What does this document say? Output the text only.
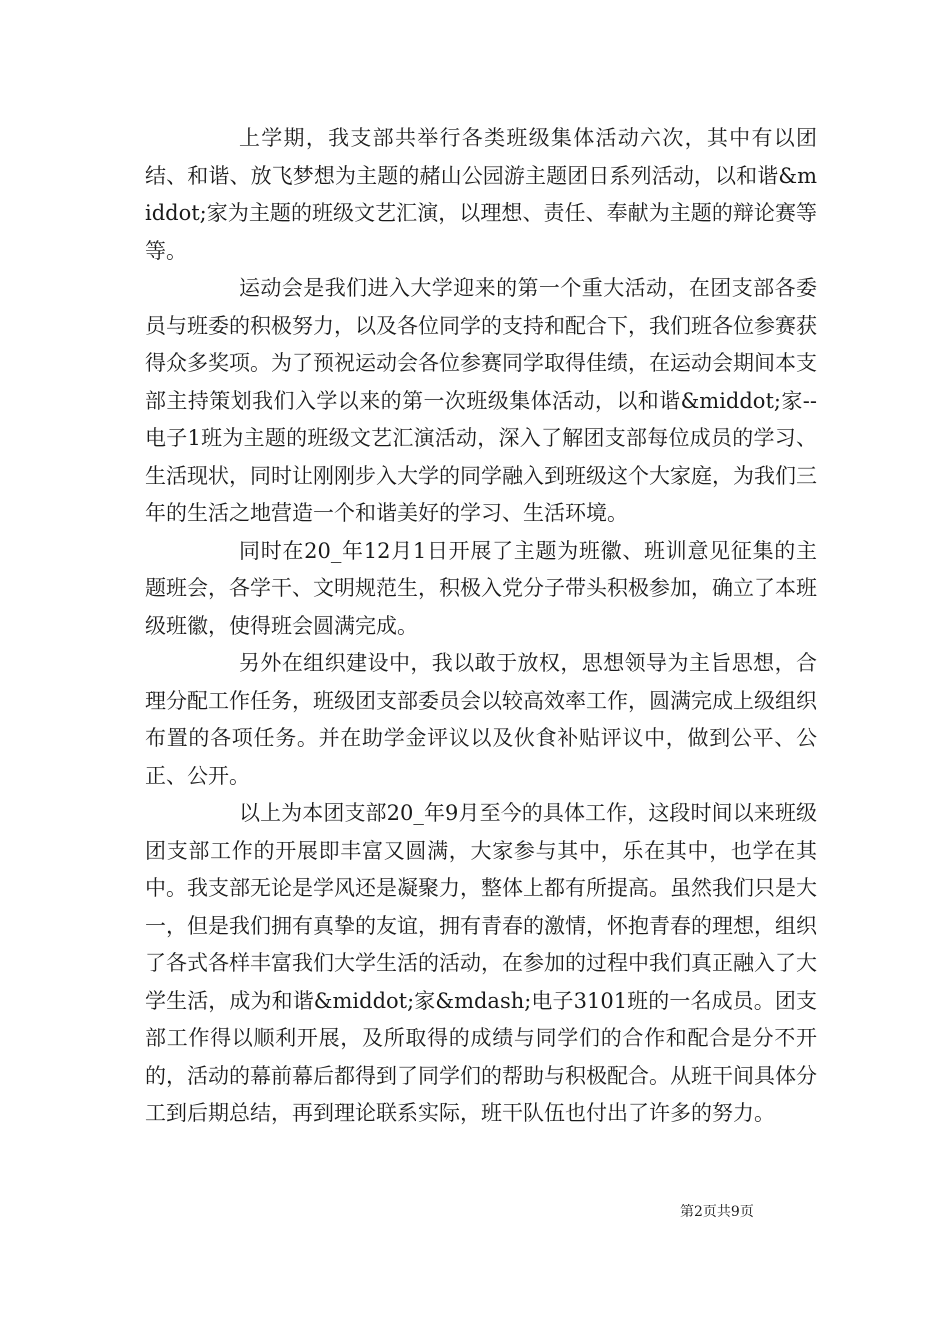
上学期，我支部共举行各类班级集体活动六次，其中有以团结、和谐、放飞梦想为主题的赭山公园游主题团日系列活动，以和谐&middot;家为主题的班级文艺汇演，以理想、责任、奉献为主题的辩论赛等等。

运动会是我们进入大学迎来的第一个重大活动，在团支部各委员与班委的积极努力，以及各位同学的支持和配合下，我们班各位参赛获得众多奖项。为了预祝运动会各位参赛同学取得佳绩，在运动会期间本支部主持策划我们入学以来的第一次班级集体活动，以和谐&middot;家--电子1班为主题的班级文艺汇演活动，深入了解团支部每位成员的学习、生活现状，同时让刚刚步入大学的同学融入到班级这个大家庭，为我们三年的生活之地营造一个和谐美好的学习、生活环境。

同时在20_年12月1日开展了主题为班徽、班训意见征集的主题班会，各学干、文明规范生，积极入党分子带头积极参加，确立了本班级班徽，使得班会圆满完成。

另外在组织建设中，我以敢于放权，思想领导为主旨思想，合理分配工作任务，班级团支部委员会以较高效率工作，圆满完成上级组织布置的各项任务。并在助学金评议以及伙食补贴评议中，做到公平、公正、公开。

以上为本团支部20_年9月至今的具体工作，这段时间以来班级团支部工作的开展即丰富又圆满，大家参与其中，乐在其中，也学在其中。我支部无论是学风还是凝聚力，整体上都有所提高。虽然我们只是大一，但是我们拥有真挚的友谊，拥有青春的激情，怀抱青春的理想，组织了各式各样丰富我们大学生活的活动，在参加的过程中我们真正融入了大学生活，成为和谐&middot;家&mdash;电子3101班的一名成员。团支部工作得以顺利开展，及所取得的成绩与同学们的合作和配合是分不开的，活动的幕前幕后都得到了同学们的帮助与积极配合。从班干间具体分工到后期总结，再到理论联系实际，班干队伍也付出了许多的努力。

第2页共9页
